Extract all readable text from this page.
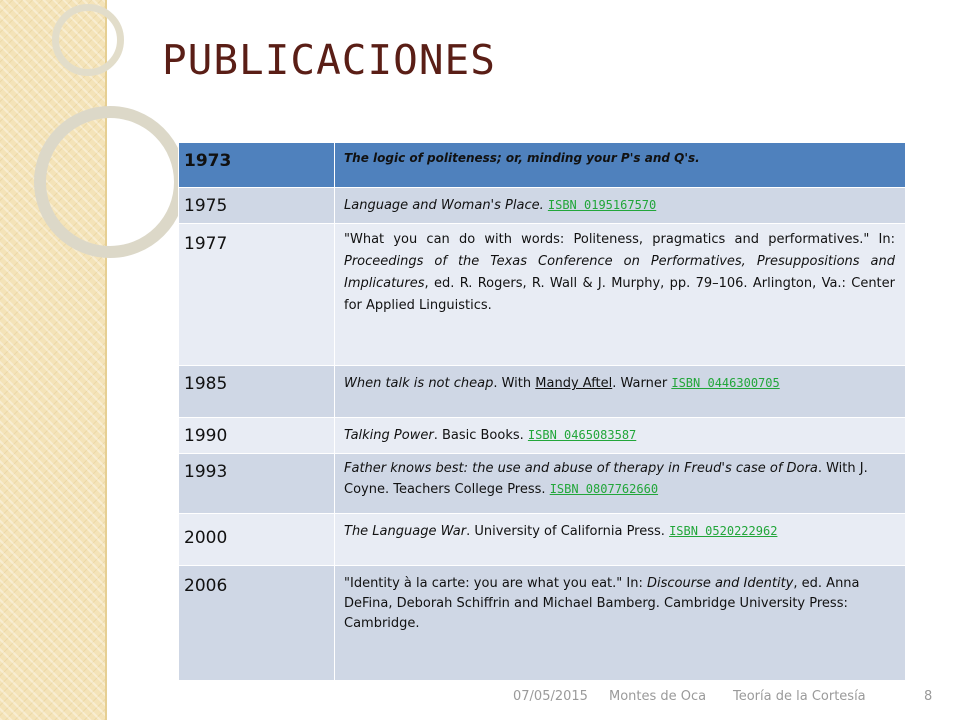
PUBLICACIONES
1973	The logic of politeness; or, minding your P's and Q's.
1975	Language and Woman's Place. ISBN 0195167570
1977	"What you can do with words: Politeness, pragmatics and performatives." In: Proceedings of the Texas Conference on Performatives, Presuppositions and Implicatures, ed. R. Rogers, R. Wall & J. Murphy, pp. 79–106. Arlington, Va.: Center for Applied Linguistics.
1985	When talk is not cheap. With Mandy Aftel. Warner ISBN 0446300705
1990	Talking Power. Basic Books. ISBN 0465083587
1993	Father knows best: the use and abuse of therapy in Freud's case of Dora. With J. Coyne. Teachers College Press. ISBN 0807762660
2000	The Language War. University of California Press. ISBN 0520222962
2006	"Identity à la carte: you are what you eat." In: Discourse and Identity, ed. Anna DeFina, Deborah Schiffrin and Michael Bamberg. Cambridge University Press: Cambridge.
07/05/2015 Montes de Oca Teoría de la Cortesía	8
